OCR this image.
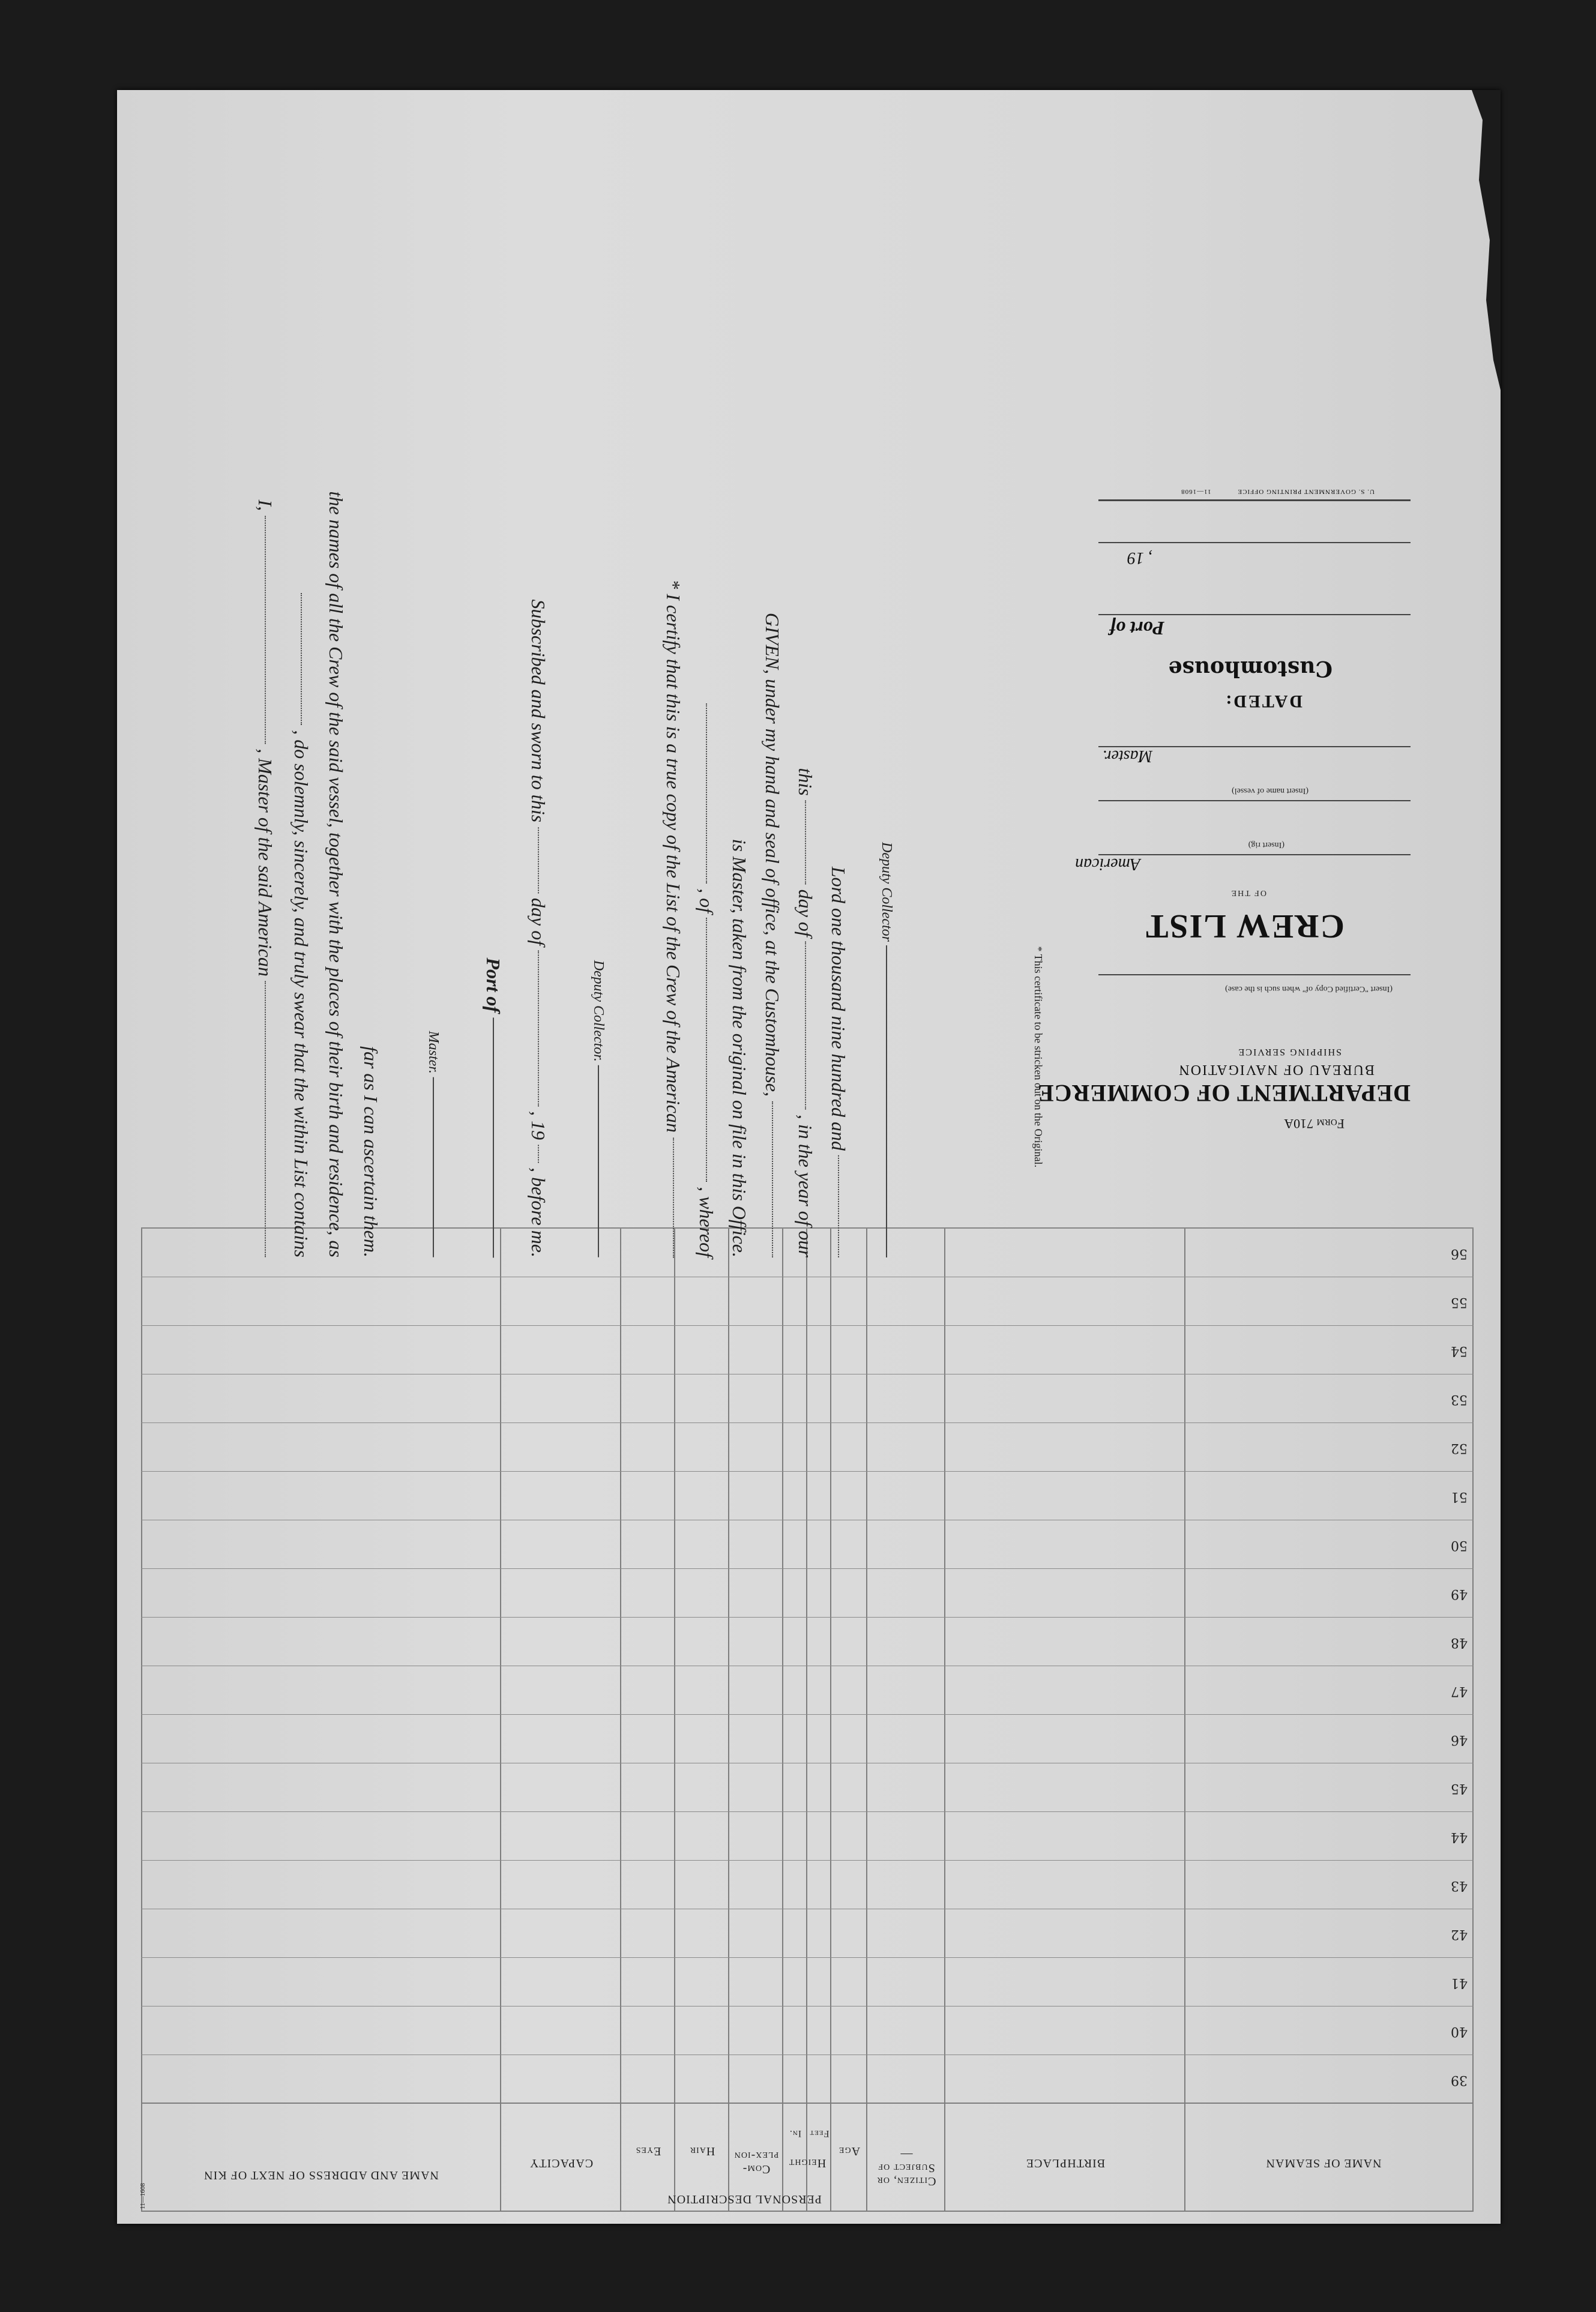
NAME OF SEAMAN
BIRTHPLACE
Citizen, or Subject of—
PERSONAL DESCRIPTION
Age
Height
Feet
In.
Com-plex-ion
Hair
Eyes
CAPACITY
NAME AND ADDRESS OF NEXT OF KIN
39
40
41
42
43
44
45
46
47
48
49
50
51
52
53
54
55
56
I,  , Master of the said American , do solemnly, sincerely, and truly swear that the within List contains the names of all the Crew of the said vessel, together with the places of their birth and residence, as far as I can ascertain them.	Master.
Port of
Subscribed and sworn to this  day of  , 19  , before me.
Deputy Collector.	* I certify that this is a true copy of the List of the Crew of the American , of  , whereof is Master, taken from the original on file in this Office. GIVEN, under my hand and seal of office, at the Customhouse, this  day of  , in the year of our
Lord one thousand nine hundred and Deputy Collector
Form 710A
DEPARTMENT OF COMMERCE
BUREAU OF NAVIGATION
SHIPPING SERVICE
(Insert "Certified Copy of" when such is the case)
CREW LIST
OF THE
American
(Insert rig)
(Insert name of vessel)
Master.
DATED:
Customhouse
Port of
, 19
U. S. GOVERNMENT PRINTING OFFICE 11—1608
* This certificate to be stricken out on the Original.
11—1608
